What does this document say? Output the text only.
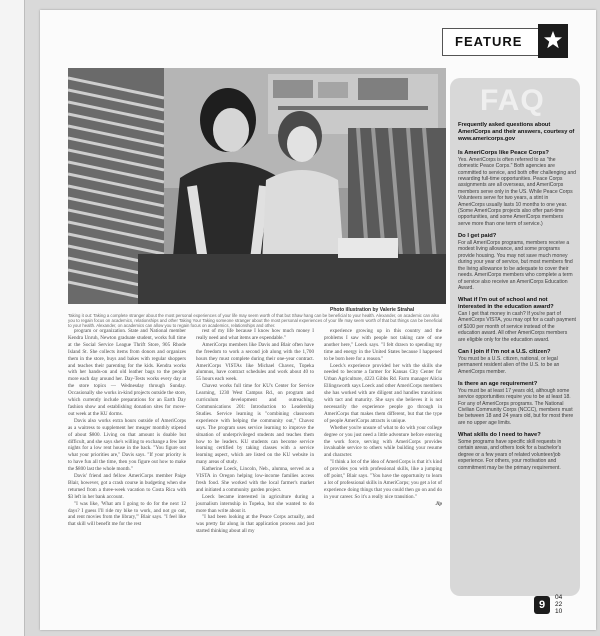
FEATURE
Photo illustration by Valerie Strahal
Taking it out: Taking a complete stranger about the most personal experiences of your life may seem worth of that but Shaw hang can be beneficial to your health. Alexander, on academic can also you to regain focus on academics, relationships and other Taking Your Taking someone stranger about the most personal experiences of your life may seem worth of that but things can be beneficial to your health. Alexander, on academics can allow you to regain focus on academics, relationships and other.

program or organization. State and National member Kendra Unruh, Newton graduate student, works full time at the Social Service League Thrift Store, 905 Rhode Island St. She collects items from donors and organizes them in the store, buys and bakes with regular shoppers and teaches their parenting for the kids. Kendra works with her hands-on and old leather bags to the people more each day around her. Day-Tests works every day at the store topics — Wednesday through Sunday. Occasionally she works in-kind projects outside the store, which currently include preparations for an Earth Day fashion show and establishing donation sites for move-out week at the KU dorms.

Davis also works extra hours outside of AmeriCorps as a waitress to supplement her meager monthly stipend of about $800. Living on that amount is doable but difficult, and she says she's willing to exchange a few late nights for a low rent house in the back. "You figure out what your priorities are," Davis says. "If your priority is to have fun all the time, then you figure out how to make the $800 last the whole month."

Davis' friend and fellow AmeriCorps member Paige Blair, however, got a crash course in budgeting when she returned from a three-week vacation to Costa Rica with $3 left in her bank account.

"I was like, 'What am I going to do for the next 12 days? I guess I'll ride my bike to work, and not go out, and rent movies from the library,'" Blair says. "I feel like that skill will benefit me for the rest

rest of my life because I know how much money I really need and what items are expendable."

AmeriCorps members like Davis and Blair often have the freedom to work a second job along with the 1,700 hours they must complete during their one-year contract. AmeriCorps VISTAs like Michael Chavez, Topeka alumnus, have contract schedules and work about 40 to 55 hours each week.

Chavez works full time for KU's Center for Service Learning, 1230 West Campus Rd., on program and curriculum development and outreaching. Communications 201: Introduction to Leadership Studies. Service learning is "combining classroom experience with helping the community out," Chavez says. The program uses service learning to improve the situation of underprivileged students and teaches them how to be leaders. KU students can become service learning certified by taking classes with a service learning aspect, which are listed on the KU website in many areas of study.

Katherine Loeck, Lincoln, Neb., alumna, served as a VISTA in Oregon helping low-income families access fresh food. She worked with the local farmer's market and initiated a community garden project.

Loeck became interested in agriculture during a journalism internship in Topeka, but she wanted to do more than write about it.

"I had been looking at the Peace Corps actually, and was pretty far along in that application process and just started thinking about all my

experience growing up in this country and the problems I saw with people not taking care of one another here," Loeck says. "I felt drawn to spending my time and energy in the United States because I happened to be born here for a reason."

Loeck's experience provided her with the skills she needed to become a farmer for Kansas City Center for Urban Agriculture, 4223 Gibbs Rd. Farm manager Alicia Ellingsworth says Loeck and other AmeriCorps members she has worked with are diligent and handles transitions with tact and maturity. She says she believes it is not necessarily the experience people go through in AmeriCorps that makes them different, but that the type of people AmeriCorps attracts is unique.

Whether you're unsure of what to do with your college degree or you just need a little adventure before entering the work force, serving with AmeriCorps provides invaluable service to others while building your resume and character.

"I think a lot of the idea of AmeriCorps is that it's kind of provides you with professional skills, like a jumping off point," Blair says. "You have the opportunity to learn a lot of professional skills in AmeriCorps; you get a lot of experience doing things that you could then go on and do in your career. So it's a really nice transition."

Jlp

FAQ
Frequently asked questions about AmeriCorps and their answers, courtesy of www.americorps.gov
Is AmeriCorps like Peace Corps?
Yes. AmeriCorps is often referred to as "the domestic Peace Corps." Both agencies are committed to service, and both offer challenging and rewarding full-time opportunities. Peace Corps assignments are all overseas, and AmeriCorps members serve only in the US. While Peace Corps Volunteers serve for two years, a stint in AmeriCorps usually lasts 10 months to one year. (Some AmeriCorps projects also offer part-time opportunities, and some AmeriCorps members serve more than one term of service.)
Do I get paid?
For all AmeriCorps programs, members receive a modest living allowance, and some programs provide housing. You may not save much money during your year of service, but most members find the living allowance to be adequate to cover their needs. AmeriCorps members who complete a term of service also receive an AmeriCorps Education Award.
What if I'm out of school and not interested in the education award?
Can I get that money in cash? If you're part of AmeriCorps VISTA, you may opt for a cash payment of $100 per month of service instead of the education award. All other AmeriCorps members are eligible only for the education award.
Can I join if I'm not a U.S. citizen?
You must be a U.S. citizen, national, or legal permanent resident alien of the U.S. to be an AmeriCorps member.
Is there an age requirement?
You must be at least 17 years old, although some service opportunities require you to be at least 18. For any of AmeriCorps programs. The National Civilian Community Corps (NCCC), members must be between 18 and 24 years old, but for most there are no upper age limits.
What skills do I need to have?
Some programs have specific skill requests in certain areas, and others look for a bachelor's degree or a few years of related volunteer/job experience. For others, your motivation and commitment may be the primary requirement.
9
04
22
10
